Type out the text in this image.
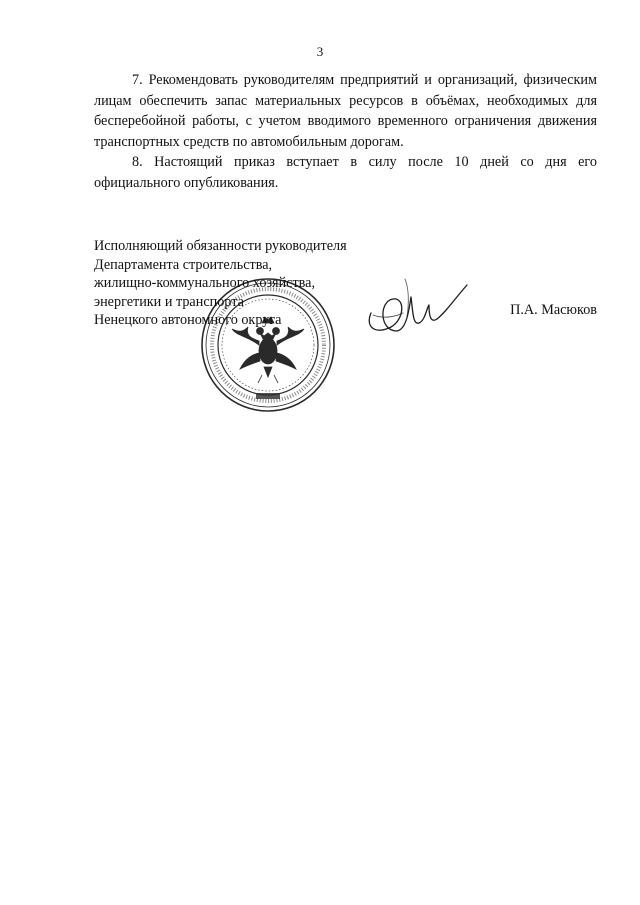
3

7. Рекомендовать руководителям предприятий и организаций, физическим лицам обеспечить запас материальных ресурсов в объёмах, необходимых для бесперебойной работы, с учетом вводимого временного ограничения движения транспортных средств по автомобильным дорогам.

8. Настоящий приказ вступает в силу после 10 дней со дня его официального опубликования.

Исполняющий обязанности руководителя
Департамента строительства,
жилищно-коммунального хозяйства,
энергетики и транспорта
Ненецкого автономного округа
П.А. Масюков
